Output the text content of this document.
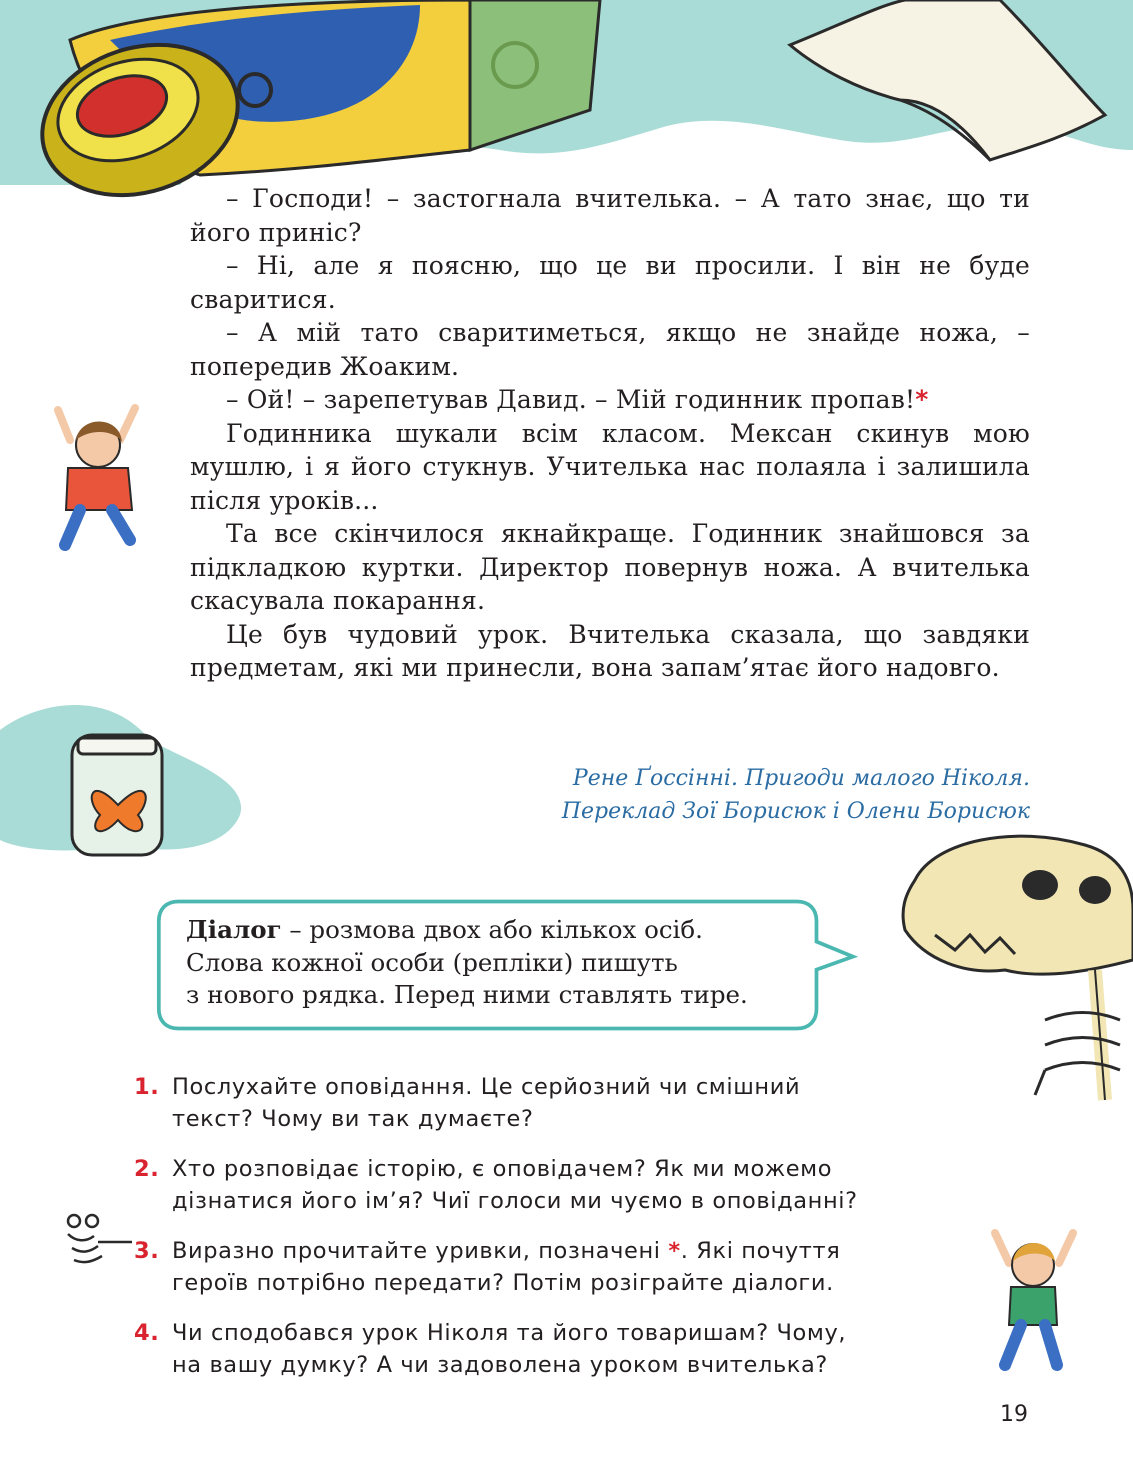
– Господи! – застогнала вчителька. – А тато знає, що ти його приніс?

– Ні, але я поясню, що це ви просили. І він не буде сваритися.

– А мій тато сваритиметься, якщо не знайде ножа, – попередив Жоаким.

– Ой! – зарепетував Давид. – Мій годинник пропав!*

Годинника шукали всім класом. Мексан скинув мою мушлю, і я його стукнув. Учителька нас полаяла і залишила після уроків...

Та все скінчилося якнайкраще. Годинник знайшовся за підкладкою куртки. Директор повернув ножа. А вчителька скасувала покарання.

Це був чудовий урок. Вчителька сказала, що завдяки предметам, які ми принесли, вона запам’ятає його надовго.

Рене Ґоссінні. Пригоди малого Ніколя.
Переклад Зої Борисюк і Олени Борисюк
Діалог – розмова двох або кількох осіб.
Слова кожної особи (репліки) пишуть
з нового рядка. Перед ними ставлять тире.
1. Послухайте оповідання. Це серйозний чи смішний
текст? Чому ви так думаєте?
2. Хто розповідає історію, є оповідачем? Як ми можемо
дізнатися його ім’я? Чиї голоси ми чуємо в оповіданні?
3. Виразно прочитайте уривки, позначені *. Які почуття
героїв потрібно передати? Потім розіграйте діалоги.
4. Чи сподобався урок Ніколя та його товаришам? Чому,
на вашу думку? А чи задоволена уроком вчителька?
19
